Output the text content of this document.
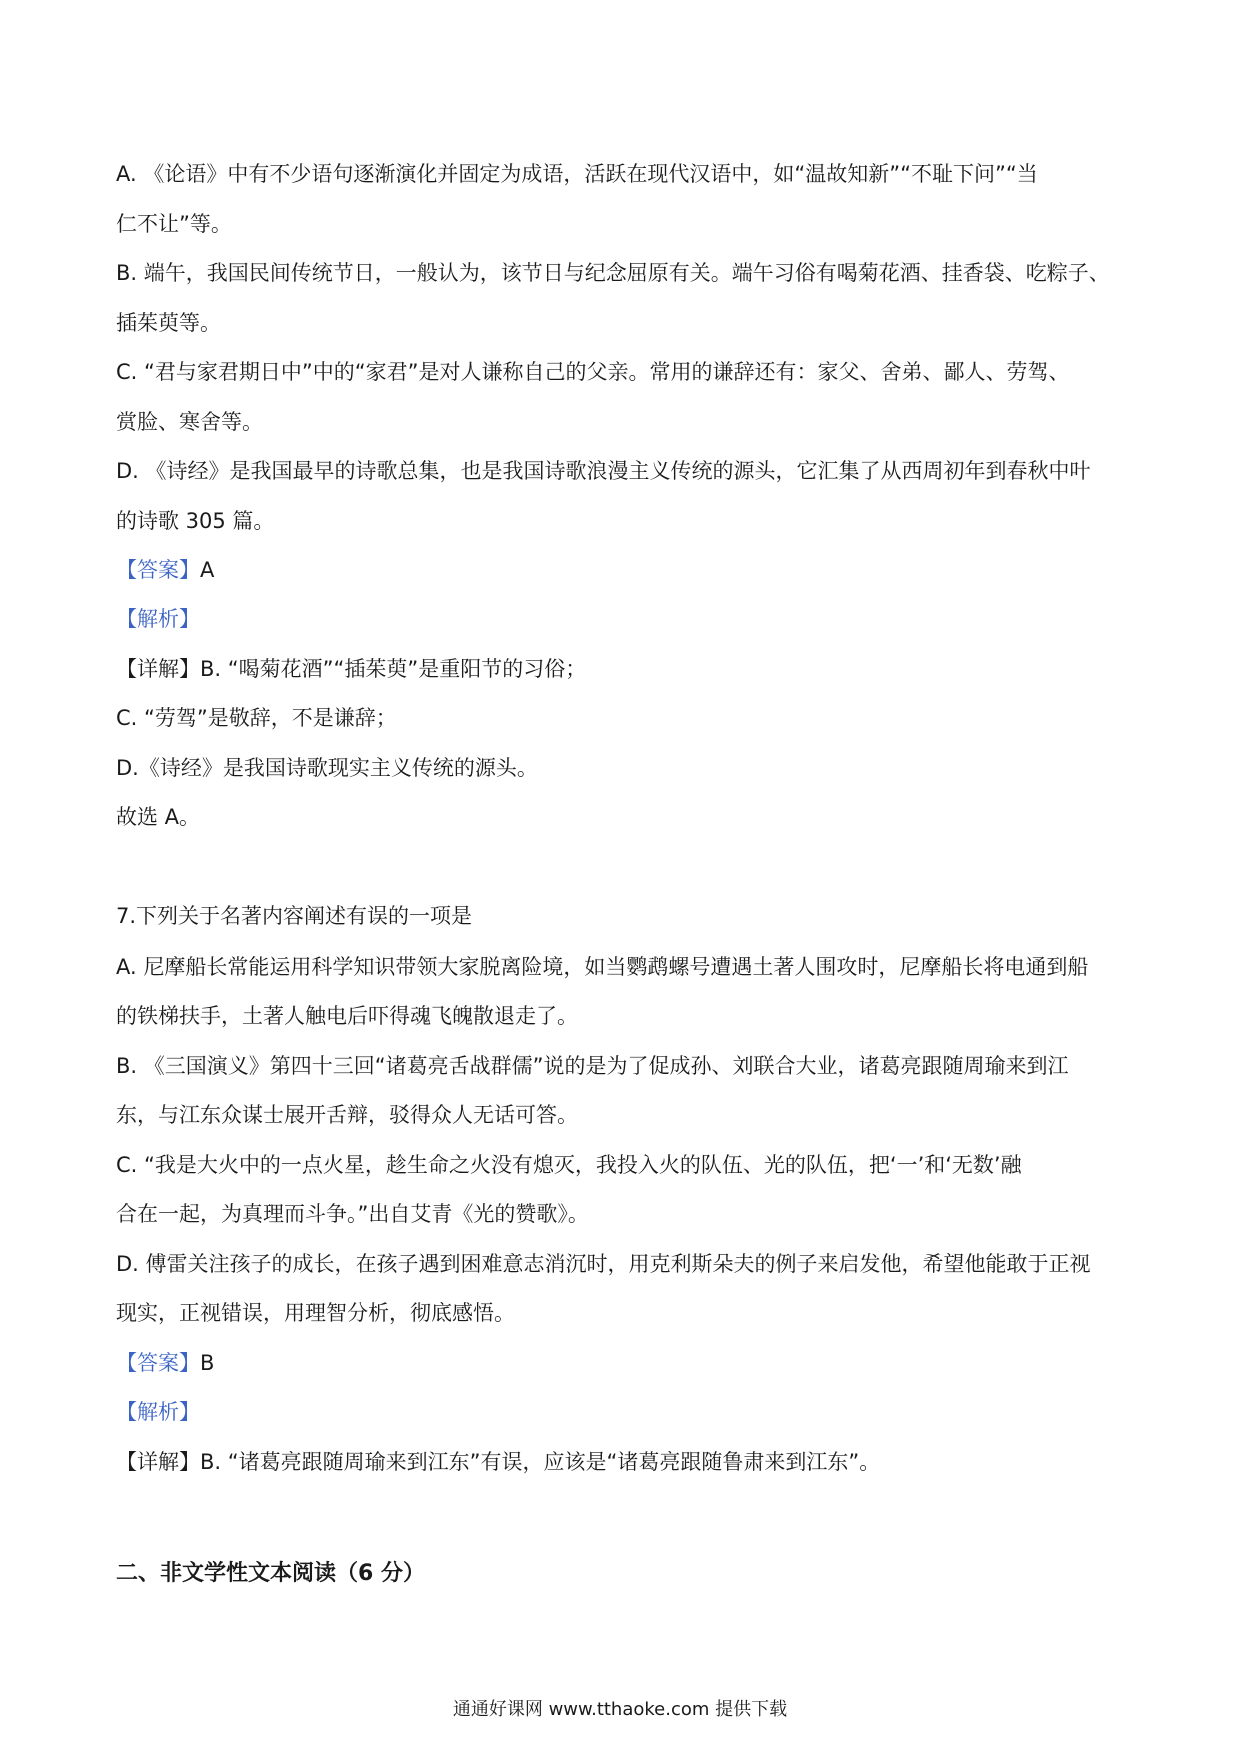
A. 《论语》中有不少语句逐渐演化并固定为成语，活跃在现代汉语中，如“温故知新”“不耻下问”“当
仁不让”等。
B. 端午，我国民间传统节日，一般认为，该节日与纪念屈原有关。端午习俗有喝菊花酒、挂香袋、吃粽子、
插茱萸等。
C. “君与家君期日中”中的“家君”是对人谦称自己的父亲。常用的谦辞还有：家父、舍弟、鄙人、劳驾、
赏脸、寒舍等。
D. 《诗经》是我国最早的诗歌总集，也是我国诗歌浪漫主义传统的源头，它汇集了从西周初年到春秋中叶
的诗歌 305 篇。
【答案】A
【解析】
【详解】B. “喝菊花酒”“插茱萸”是重阳节的习俗；
C. “劳驾”是敬辞，不是谦辞；
D.《诗经》是我国诗歌现实主义传统的源头。
故选 A。
7.下列关于名著内容阐述有误的一项是
A. 尼摩船长常能运用科学知识带领大家脱离险境，如当鹦鹉螺号遭遇土著人围攻时，尼摩船长将电通到船
的铁梯扶手，土著人触电后吓得魂飞魄散退走了。
B. 《三国演义》第四十三回“诸葛亮舌战群儒”说的是为了促成孙、刘联合大业，诸葛亮跟随周瑜来到江
东，与江东众谋士展开舌辩，驳得众人无话可答。
C. “我是大火中的一点火星，趁生命之火没有熄灭，我投入火的队伍、光的队伍，把‘一’和‘无数’融
合在一起，为真理而斗争。”出自艾青《光的赞歌》。
D. 傅雷关注孩子的成长，在孩子遇到困难意志消沉时，用克利斯朵夫的例子来启发他，希望他能敢于正视
现实，正视错误，用理智分析，彻底感悟。
【答案】B
【解析】
【详解】B. “诸葛亮跟随周瑜来到江东”有误，应该是“诸葛亮跟随鲁肃来到江东”。
二、非文学性文本阅读（6 分）
通通好课网 www.tthaoke.com 提供下载
